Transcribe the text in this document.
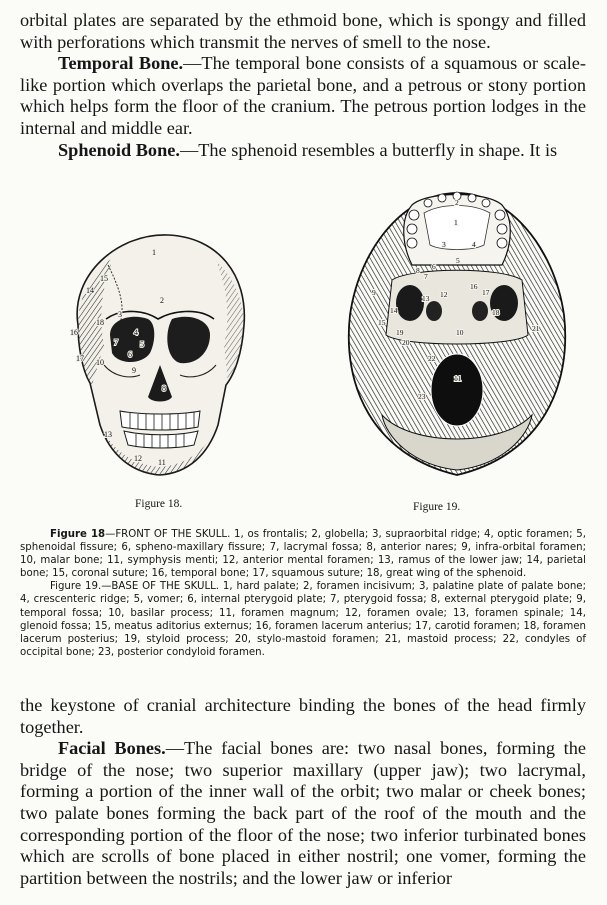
orbital plates are separated by the ethmoid bone, which is spongy and filled with perforations which transmit the nerves of smell to the nose.

Temporal Bone.—The temporal bone consists of a squamous or scale-like portion which overlaps the parietal bone, and a petrous or stony portion which helps form the floor of the cranium. The petrous portion lodges in the internal and middle ear.

Sphenoid Bone.—The sphenoid resembles a butterfly in shape. It is

1
2
3
4
5
6
7
8
9
10
11
12
13
14
15
16
17
18
1
2
3	4
5
6
7
8
9
10
11
12
13
14
15
16
17
18
19
20
21
22
23
Figure 18.	Figure 19.

Figure 18—FRONT OF THE SKULL. 1, os frontalis; 2, globella; 3, supraorbital ridge; 4, optic foramen; 5, sphenoidal fissure; 6, spheno-maxillary fissure; 7, lacrymal fossa; 8, anterior nares; 9, infra-orbital foramen; 10, malar bone; 11, symphysis menti; 12, anterior mental foramen; 13, ramus of the lower jaw; 14, parietal bone; 15, coronal suture; 16, temporal bone; 17, squamous suture; 18, great wing of the sphenoid.

Figure 19.—BASE OF THE SKULL. 1, hard palate; 2, foramen incisivum; 3, palatine plate of palate bone; 4, crescenteric ridge; 5, vomer; 6, internal pterygoid plate; 7, pterygoid fossa; 8, external pterygoid plate; 9, temporal fossa; 10, basilar process; 11, foramen magnum; 12, foramen ovale; 13, foramen spinale; 14, glenoid fossa; 15, meatus aditorius externus; 16, foramen lacerum anterius; 17, carotid foramen; 18, foramen lacerum posterius; 19, styloid process; 20, stylo-mastoid foramen; 21, mastoid process; 22, condyles of occipital bone; 23, posterior condyloid foramen.

the keystone of cranial architecture binding the bones of the head firmly together.

Facial Bones.—The facial bones are: two nasal bones, forming the bridge of the nose; two superior maxillary (upper jaw); two lacrymal, forming a portion of the inner wall of the orbit; two malar or cheek bones; two palate bones forming the back part of the roof of the mouth and the corresponding portion of the floor of the nose; two inferior turbinated bones which are scrolls of bone placed in either nostril; one vomer, forming the partition between the nostrils; and the lower jaw or inferior
